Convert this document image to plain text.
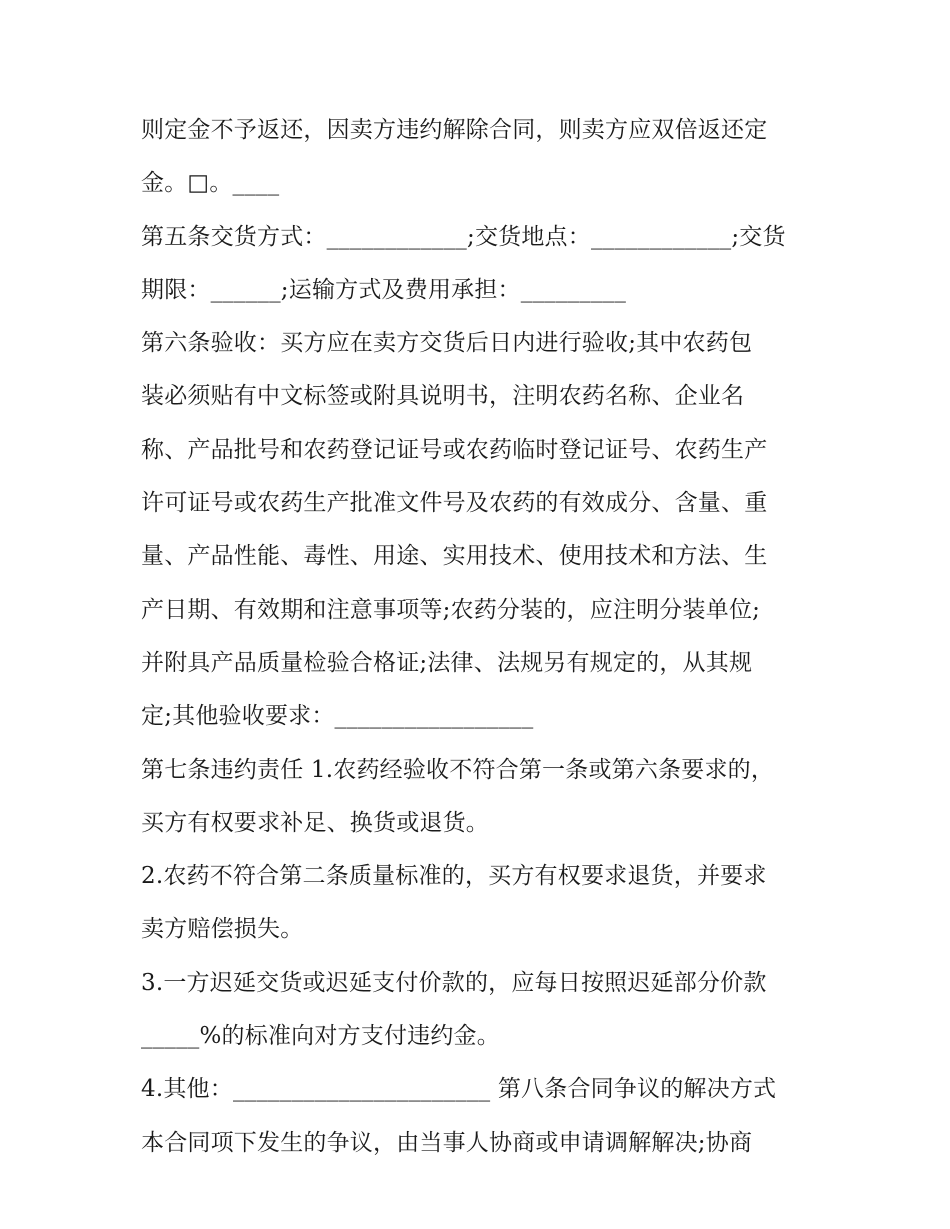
则定金不予返还，因卖方违约解除合同，则卖方应双倍返还定
金。□。____
第五条交货方式：____________;交货地点：____________;交货
期限：______;运输方式及费用承担：_________
第六条验收：买方应在卖方交货后日内进行验收;其中农药包
装必须贴有中文标签或附具说明书，注明农药名称、企业名
称、产品批号和农药登记证号或农药临时登记证号、农药生产
许可证号或农药生产批准文件号及农药的有效成分、含量、重
量、产品性能、毒性、用途、实用技术、使用技术和方法、生
产日期、有效期和注意事项等;农药分装的，应注明分装单位;
并附具产品质量检验合格证;法律、法规另有规定的，从其规
定;其他验收要求：_________________
第七条违约责任 1.农药经验收不符合第一条或第六条要求的，
买方有权要求补足、换货或退货。
2.农药不符合第二条质量标准的，买方有权要求退货，并要求
卖方赔偿损失。
3.一方迟延交货或迟延支付价款的，应每日按照迟延部分价款
_____%的标准向对方支付违约金。
4.其他：______________________ 第八条合同争议的解决方式
本合同项下发生的争议，由当事人协商或申请调解解决;协商
